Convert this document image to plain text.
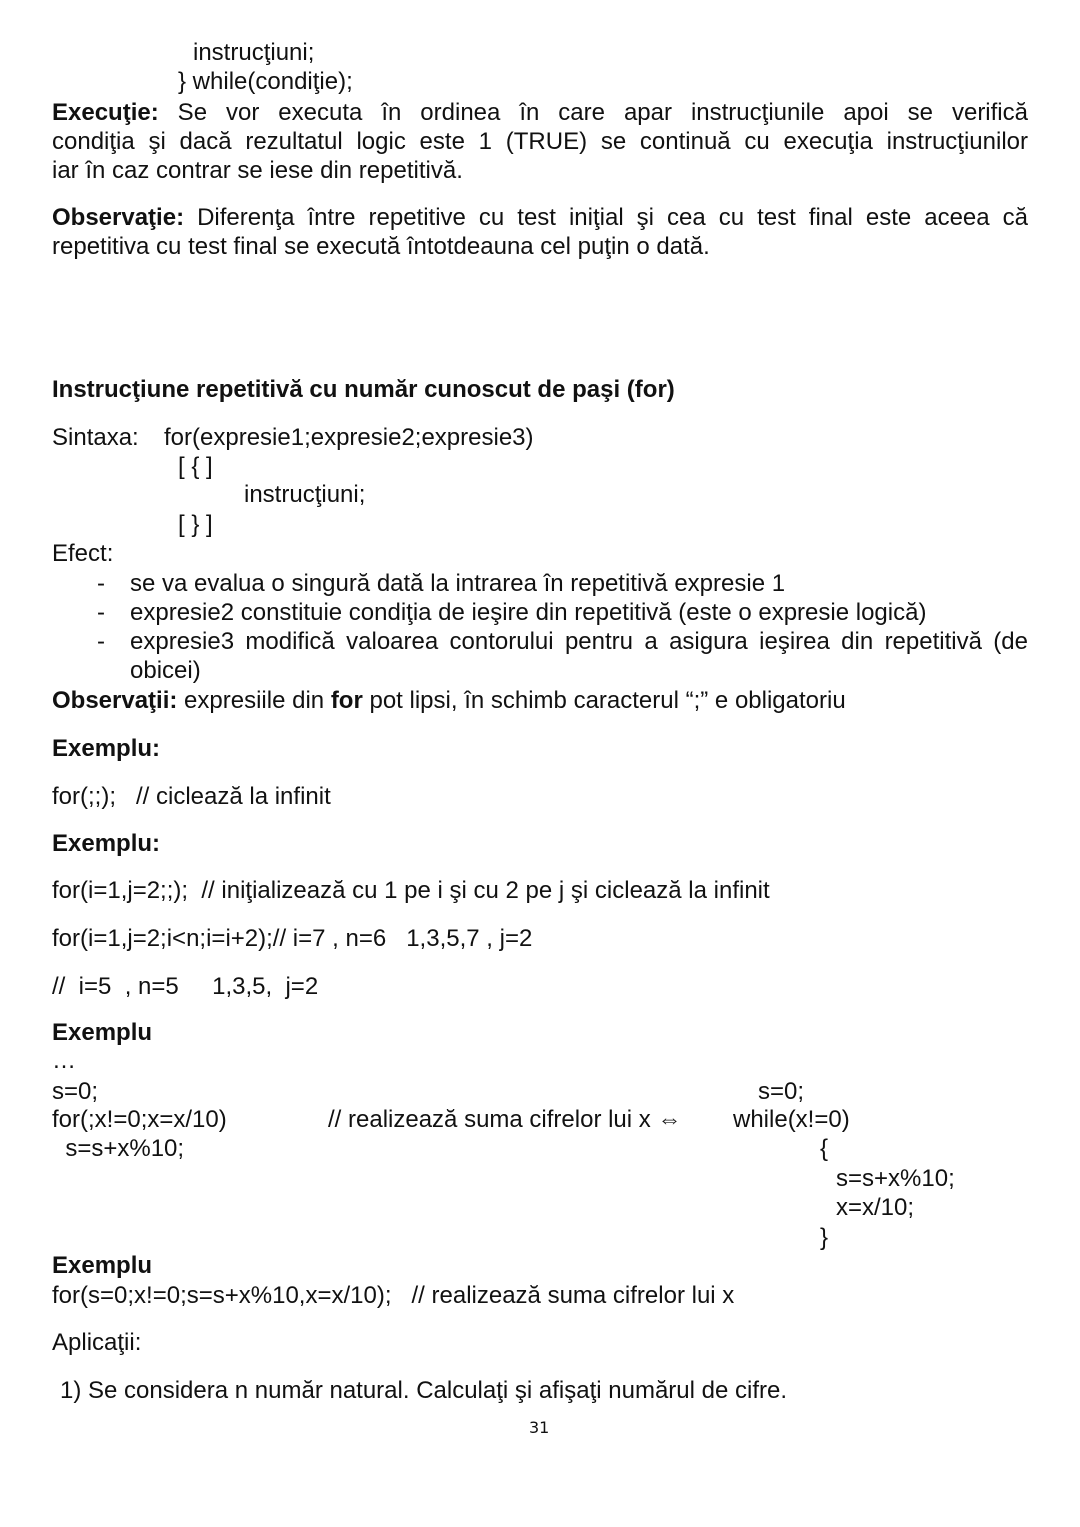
instrucţiuni;
} while(condiţie);
Execuţie: Se vor executa în ordinea în care apar instrucţiunile apoi se verifică
condiţia şi dacă rezultatul logic este 1 (TRUE) se continuă cu execuţia instrucţiunilor
iar în caz contrar se iese din repetitivă.
Observaţie: Diferenţa între repetitive cu test iniţial şi cea cu test final este aceea că
repetitiva cu test final se execută întotdeauna cel puţin o dată.
Instrucţiune repetitivă cu număr cunoscut de paşi (for)
Sintaxa: for(expresie1;expresie2;expresie3)
[ { ]
instrucţiuni;
[ } ]
Efect:
- se va evalua o singură dată la intrarea în repetitivă expresie 1
- expresie2 constituie condiţia de ieşire din repetitivă (este o expresie logică)
- expresie3 modifică valoarea contorului pentru a asigura ieşirea din repetitivă (de
obicei)
Observaţii: expresiile din for pot lipsi, în schimb caracterul “;” e obligatoriu
Exemplu:
for(;;);   // ciclează la infinit
Exemplu:
for(i=1,j=2;;);  // iniţializează cu 1 pe i şi cu 2 pe j şi ciclează la infinit
for(i=1,j=2;i<n;i=i+2);// i=7 , n=6   1,3,5,7 , j=2
//  i=5  , n=5     1,3,5,  j=2
Exemplu
…
s=0;
for(;x!=0;x=x/10)
s=s+x%10;
// realizează suma cifrelor lui x ⇔
s=0;
while(x!=0)
{
s=s+x%10;
x=x/10;
}
Exemplu
for(s=0;x!=0;s=s+x%10,x=x/10);   // realizează suma cifrelor lui x
Aplicaţii:
1) Se considera n număr natural. Calculaţi şi afişaţi numărul de cifre.
31
